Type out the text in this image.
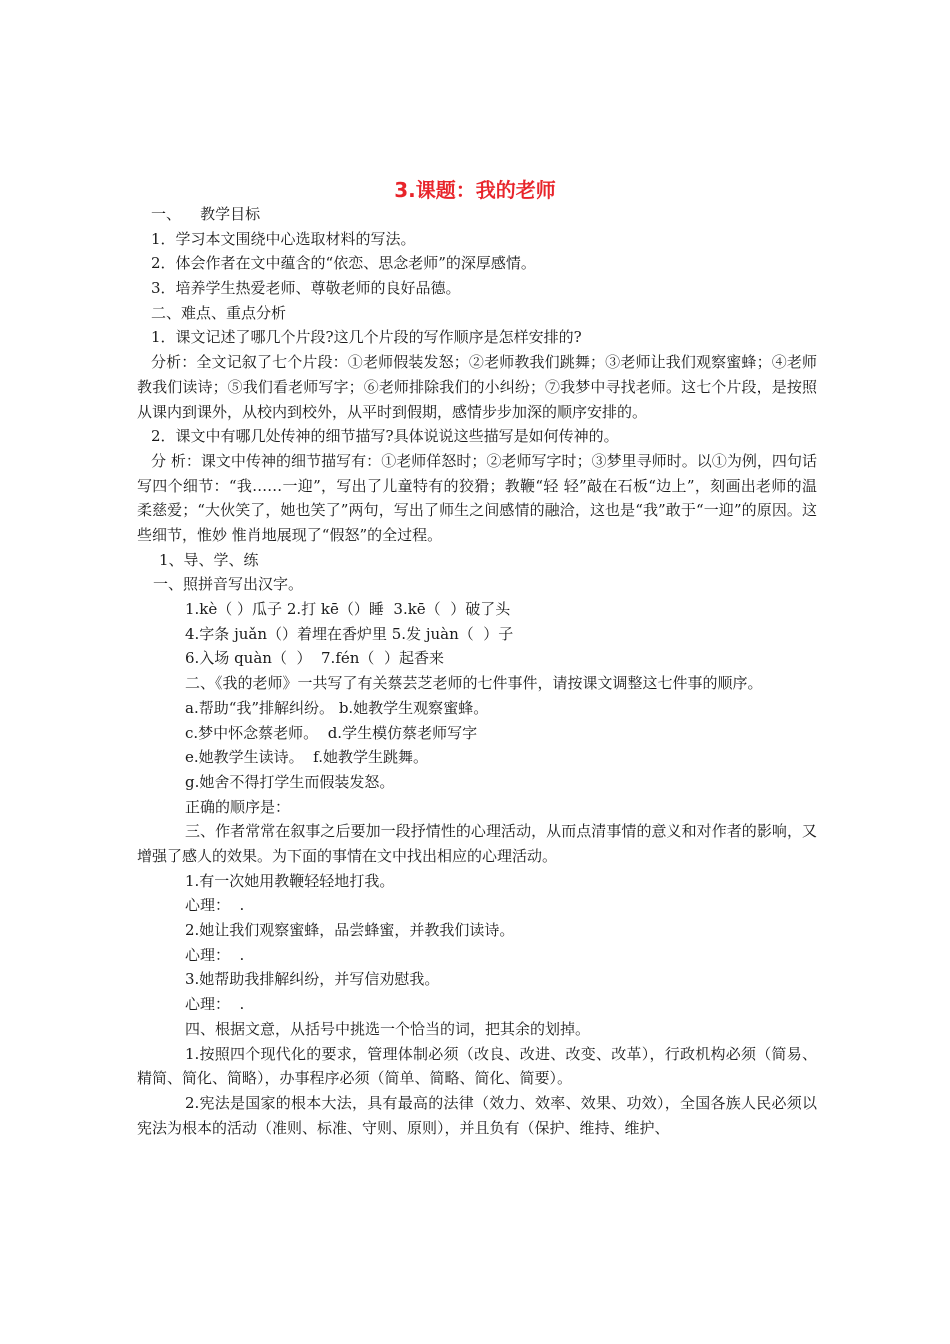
3.课题：我的老师
一、    教学目标
1．学习本文围绕中心选取材料的写法。
2．体会作者在文中蕴含的“依恋、思念老师”的深厚感情。
3．培养学生热爱老师、尊敬老师的良好品德。
二、难点、重点分析
1．课文记述了哪几个片段?这几个片段的写作顺序是怎样安排的?
分析：全文记叙了七个片段：①老师假装发怒；②老师教我们跳舞；③老师让我们观察蜜蜂；④老师教我们读诗；⑤我们看老师写字；⑥老师排除我们的小纠纷；⑦我梦中寻找老师。这七个片段，是按照从课内到课外，从校内到校外，从平时到假期，感情步步加深的顺序安排的。
2．课文中有哪几处传神的细节描写?具体说说这些描写是如何传神的。
分 析：课文中传神的细节描写有：①老师佯怒时；②老师写字时；③梦里寻师时。以①为例，四句话写四个细节：“我……一迎”，写出了儿童特有的狡猾；教鞭“轻 轻”敲在石板“边上”，刻画出老师的温柔慈爱；“大伙笑了，她也笑了”两句，写出了师生之间感情的融洽，这也是“我”敢于“一迎”的原因。这些细节，惟妙 惟肖地展现了“假怒”的全过程。
1、导、学、练
一、照拼音写出汉字。
1.kè（ ）瓜子 2.打 kē（）睡  3.kē（  ）破了头
4.字条 juǎn（）着埋在香炉里 5.发 juàn（  ）子
6.入场 quàn（  ）  7.fén（  ）起香来
二、《我的老师》一共写了有关蔡芸芝老师的七件事件，请按课文调整这七件事的顺序。
a.帮助“我”排解纠纷。 b.她教学生观察蜜蜂。
c.梦中怀念蔡老师。  d.学生模仿蔡老师写字
e.她教学生读诗。  f.她教学生跳舞。
g.她舍不得打学生而假装发怒。
正确的顺序是：
三、作者常常在叙事之后要加一段抒情性的心理活动，从而点清事情的意义和对作者的影响，又增强了感人的效果。为下面的事情在文中找出相应的心理活动。
1.有一次她用教鞭轻轻地打我。
心理：  .
2.她让我们观察蜜蜂，品尝蜂蜜，并教我们读诗。
心理：  .
3.她帮助我排解纠纷，并写信劝慰我。
心理：  .
四、根据文意，从括号中挑选一个恰当的词，把其余的划掉。
1.按照四个现代化的要求，管理体制必须（改良、改进、改变、改革），行政机构必须（简易、精简、简化、简略），办事程序必须（简单、简略、简化、简要）。
2.宪法是国家的根本大法，具有最高的法律（效力、效率、效果、功效），全国各族人民必须以宪法为根本的活动（准则、标准、守则、原则），并且负有（保护、维持、维护、
